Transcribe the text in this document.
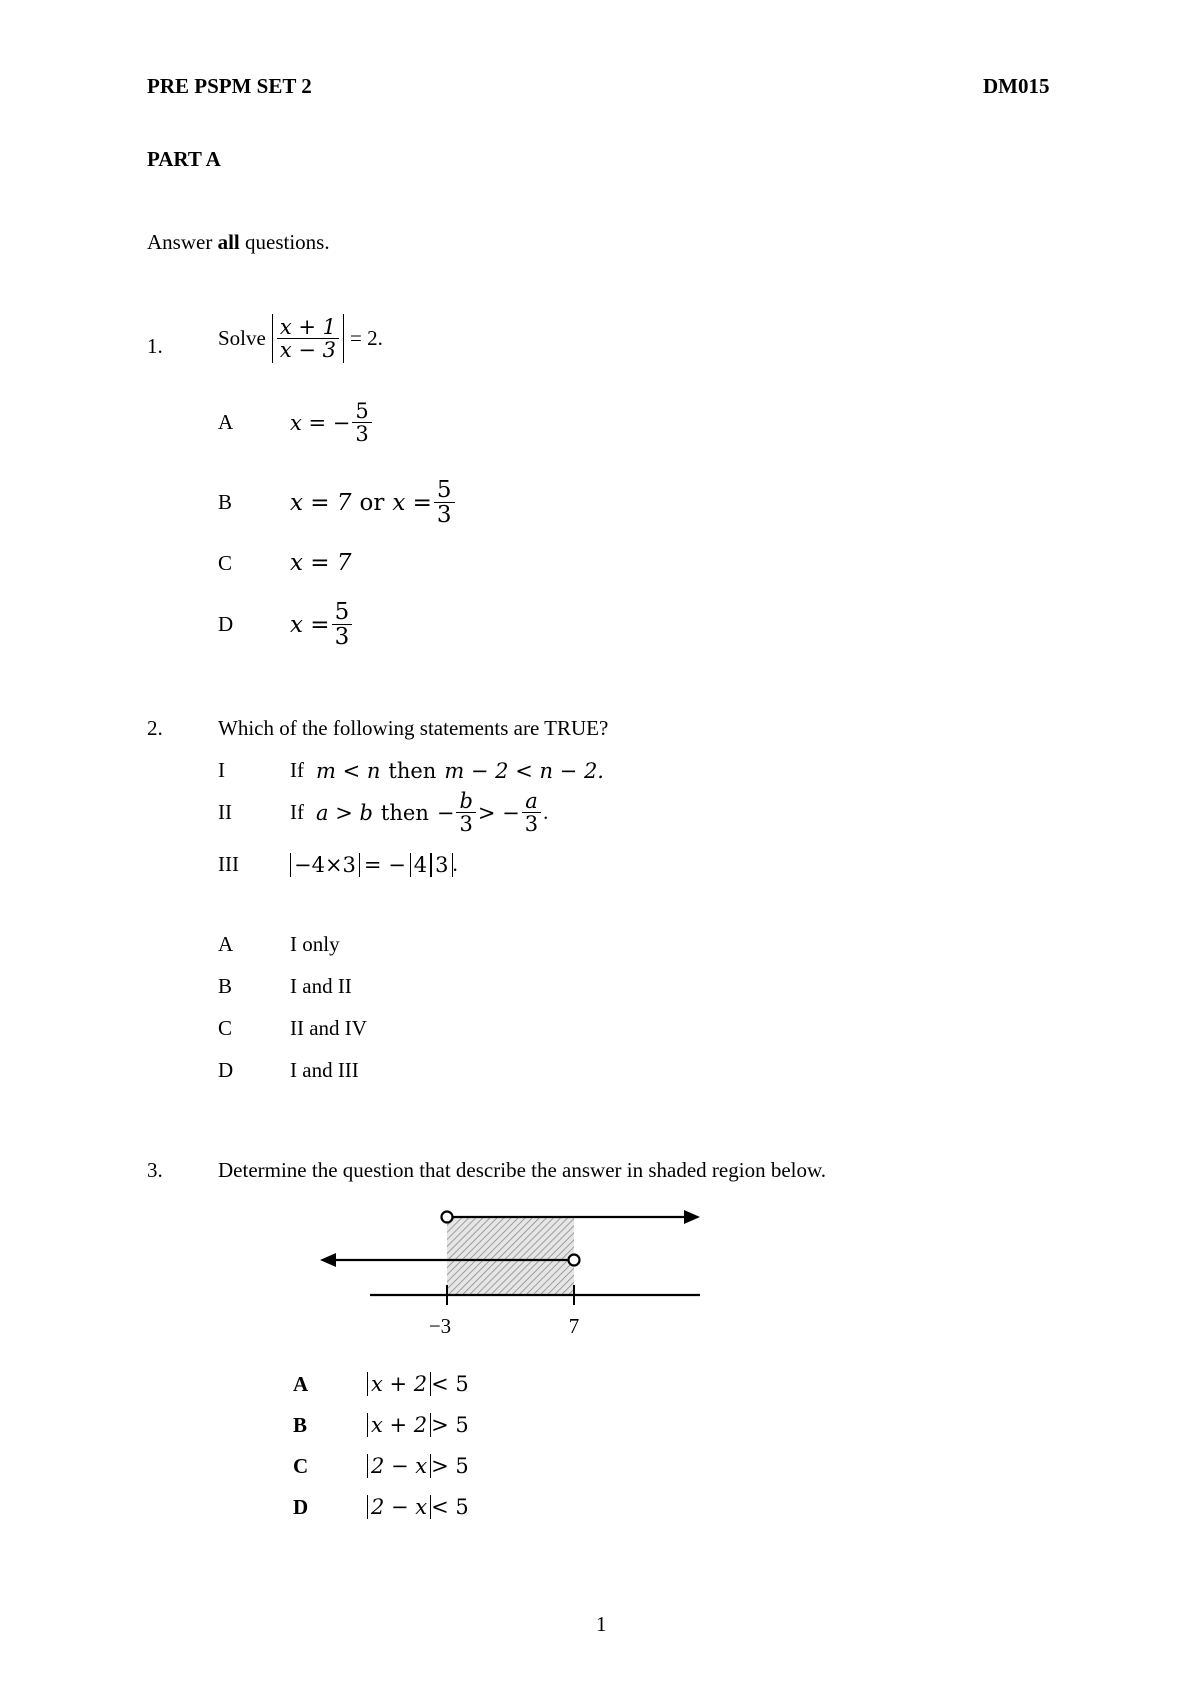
PRE PSPM SET 2	DM015
PART A
Answer all questions.
1.	Solve $\frac{x + 1}{x - 3} = 2$.
A	x = − $\frac{5}{3}$
B	x = 7 or $x = \frac{5}{3}$
C	x = 7
D	$x = \frac{5}{3}$
2.	Which of the following statements are TRUE?
I	If m < n then m − 2 < n − 2.
II	If a > b then − $\frac{b}{3}$ > − $\frac{a}{3}$ .
III	−4×3 = − 4 3 .
A	I only
B	I and II
C	II and IV
D	I and III
3.	Determine the question that describe the answer in shaded region below.
−3	7
A	x + 2 < 5
B	x + 2 > 5
C	2 − x > 5
D	2 − x < 5
1
